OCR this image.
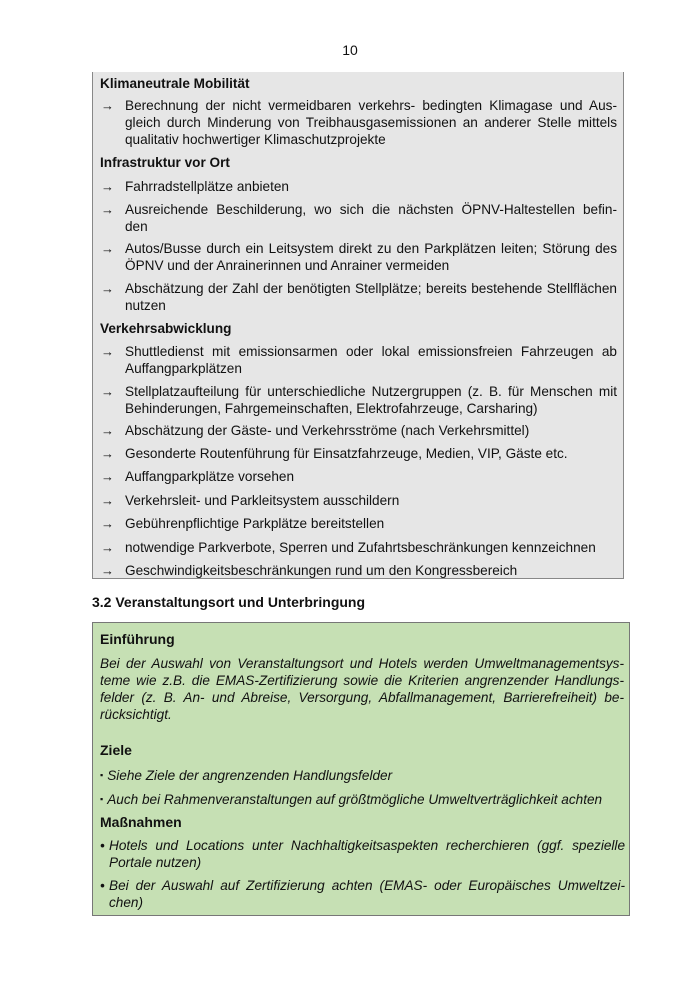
10
Klimaneutrale Mobilität
→ Berechnung der nicht vermeidbaren verkehrs- bedingten Klimagase und Aus-
gleich durch Minderung von Treibhausgasemissionen an anderer Stelle mittels
qualitativ hochwertiger Klimaschutzprojekte
Infrastruktur vor Ort
→ Fahrradstellplätze anbieten
→ Ausreichende Beschilderung, wo sich die nächsten ÖPNV-Haltestellen befin-
den
→ Autos/Busse durch ein Leitsystem direkt zu den Parkplätzen leiten; Störung des
ÖPNV und der Anrainerinnen und Anrainer vermeiden
→ Abschätzung der Zahl der benötigten Stellplätze; bereits bestehende Stellflächen
nutzen
Verkehrsabwicklung
→ Shuttledienst mit emissionsarmen oder lokal emissionsfreien Fahrzeugen ab
Auffangparkplätzen
→ Stellplatzaufteilung für unterschiedliche Nutzergruppen (z. B. für Menschen mit
Behinderungen, Fahrgemeinschaften, Elektrofahrzeuge, Carsharing)
→ Abschätzung der Gäste- und Verkehrsströme (nach Verkehrsmittel)
→ Gesonderte Routenführung für Einsatzfahrzeuge, Medien, VIP, Gäste etc.
→ Auffangparkplätze vorsehen
→ Verkehrsleit- und Parkleitsystem ausschildern
→ Gebührenpflichtige Parkplätze bereitstellen
→ notwendige Parkverbote, Sperren und Zufahrtsbeschränkungen kennzeichnen
→ Geschwindigkeitsbeschränkungen rund um den Kongressbereich
3.2 Veranstaltungsort und Unterbringung
Einführung
Bei der Auswahl von Veranstaltungsort und Hotels werden Umweltmanagementsys-
teme wie z.B. die EMAS-Zertifizierung sowie die Kriterien angrenzender Handlungs-
felder (z. B. An- und Abreise, Versorgung, Abfallmanagement, Barrierefreiheit) be-
rücksichtigt.
Ziele
▪ Siehe Ziele der angrenzenden Handlungsfelder
▪ Auch bei Rahmenveranstaltungen auf größtmögliche Umweltverträglichkeit achten
Maßnahmen
• Hotels und Locations unter Nachhaltigkeitsaspekten recherchieren (ggf. spezielle
Portale nutzen)
• Bei der Auswahl auf Zertifizierung achten (EMAS- oder Europäisches Umweltzei-
chen)
